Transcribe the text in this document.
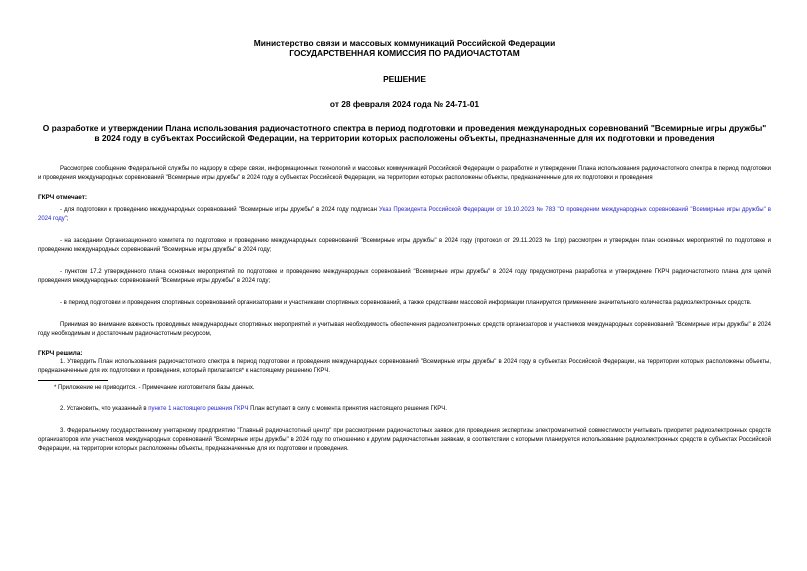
Министерство связи и массовых коммуникаций Российской Федерации
ГОСУДАРСТВЕННАЯ КОМИССИЯ ПО РАДИОЧАСТОТАМ
РЕШЕНИЕ
от 28 февраля 2024 года № 24-71-01
О разработке и утверждении Плана использования радиочастотного спектра в период подготовки и проведения международных соревнований "Всемирные игры дружбы" в 2024 году в субъектах Российской Федерации, на территории которых расположены объекты, предназначенные для их подготовки и проведения

Рассмотрев сообщение Федеральной службы по надзору в сфере связи, информационных технологий и массовых коммуникаций Российской Федерации о разработке и утверждении Плана использования радиочастотного спектра в период подготовки и проведения международных соревнований "Всемирные игры дружбы" в 2024 году в субъектах Российской Федерации, на территории которых расположены объекты, предназначенные для их подготовки и проведения

ГКРЧ отмечает:

- для подготовки к проведению международных соревнований "Всемирные игры дружбы" в 2024 году подписан Указ Президента Российской Федерации от 19.10.2023 № 783 "О проведении международных соревнований "Всемирные игры дружбы" в 2024 году";

- на заседании Организационного комитета по подготовке и проведению международных соревнований "Всемирные игры дружбы" в 2024 году (протокол от 29.11.2023 № 1пр) рассмотрен и утвержден план основных мероприятий по подготовке и проведению международных соревнований "Всемирные игры дружбы" в 2024 году;

- пунктом 17.2 утвержденного плана основных мероприятий по подготовке и проведению международных соревнований "Всемирные игры дружбы" в 2024 году предусмотрена разработка и утверждение ГКРЧ радиочастотного плана для целей проведения международных соревнований "Всемирные игры дружбы" в 2024 году;

- в период подготовки и проведения спортивных соревнований организаторами и участниками спортивных соревнований, а также средствами массовой информации планируется применение значительного количества радиоэлектронных средств.

Принимая во внимание важность проводимых международных спортивных мероприятий и учитывая необходимость обеспечения радиоэлектронных средств организаторов и участников международных соревнований "Всемирные игры дружбы" в 2024 году необходимым и достаточным радиочастотным ресурсом,

ГКРЧ решила:

1. Утвердить План использования радиочастотного спектра в период подготовки и проведения международных соревнований "Всемирные игры дружбы" в 2024 году в субъектах Российской Федерации, на территории которых расположены объекты, предназначенные для их подготовки и проведения, который прилагается* к настоящему решению ГКРЧ.

* Приложение не приводится. - Примечание изготовителя базы данных.

2. Установить, что указанный в пункте 1 настоящего решения ГКРЧ План вступает в силу с момента принятия настоящего решения ГКРЧ.

3. Федеральному государственному унитарному предприятию "Главный радиочастотный центр" при рассмотрении радиочастотных заявок для проведения экспертизы электромагнитной совместимости учитывать приоритет радиоэлектронных средств организаторов или участников международных соревнований "Всемирные игры дружбы" в 2024 году по отношению к другим радиочастотным заявкам, в соответствии с которыми планируется использование радиоэлектронных средств в субъектах Российской Федерации, на территории которых расположены объекты, предназначенные для их подготовки и проведения.
